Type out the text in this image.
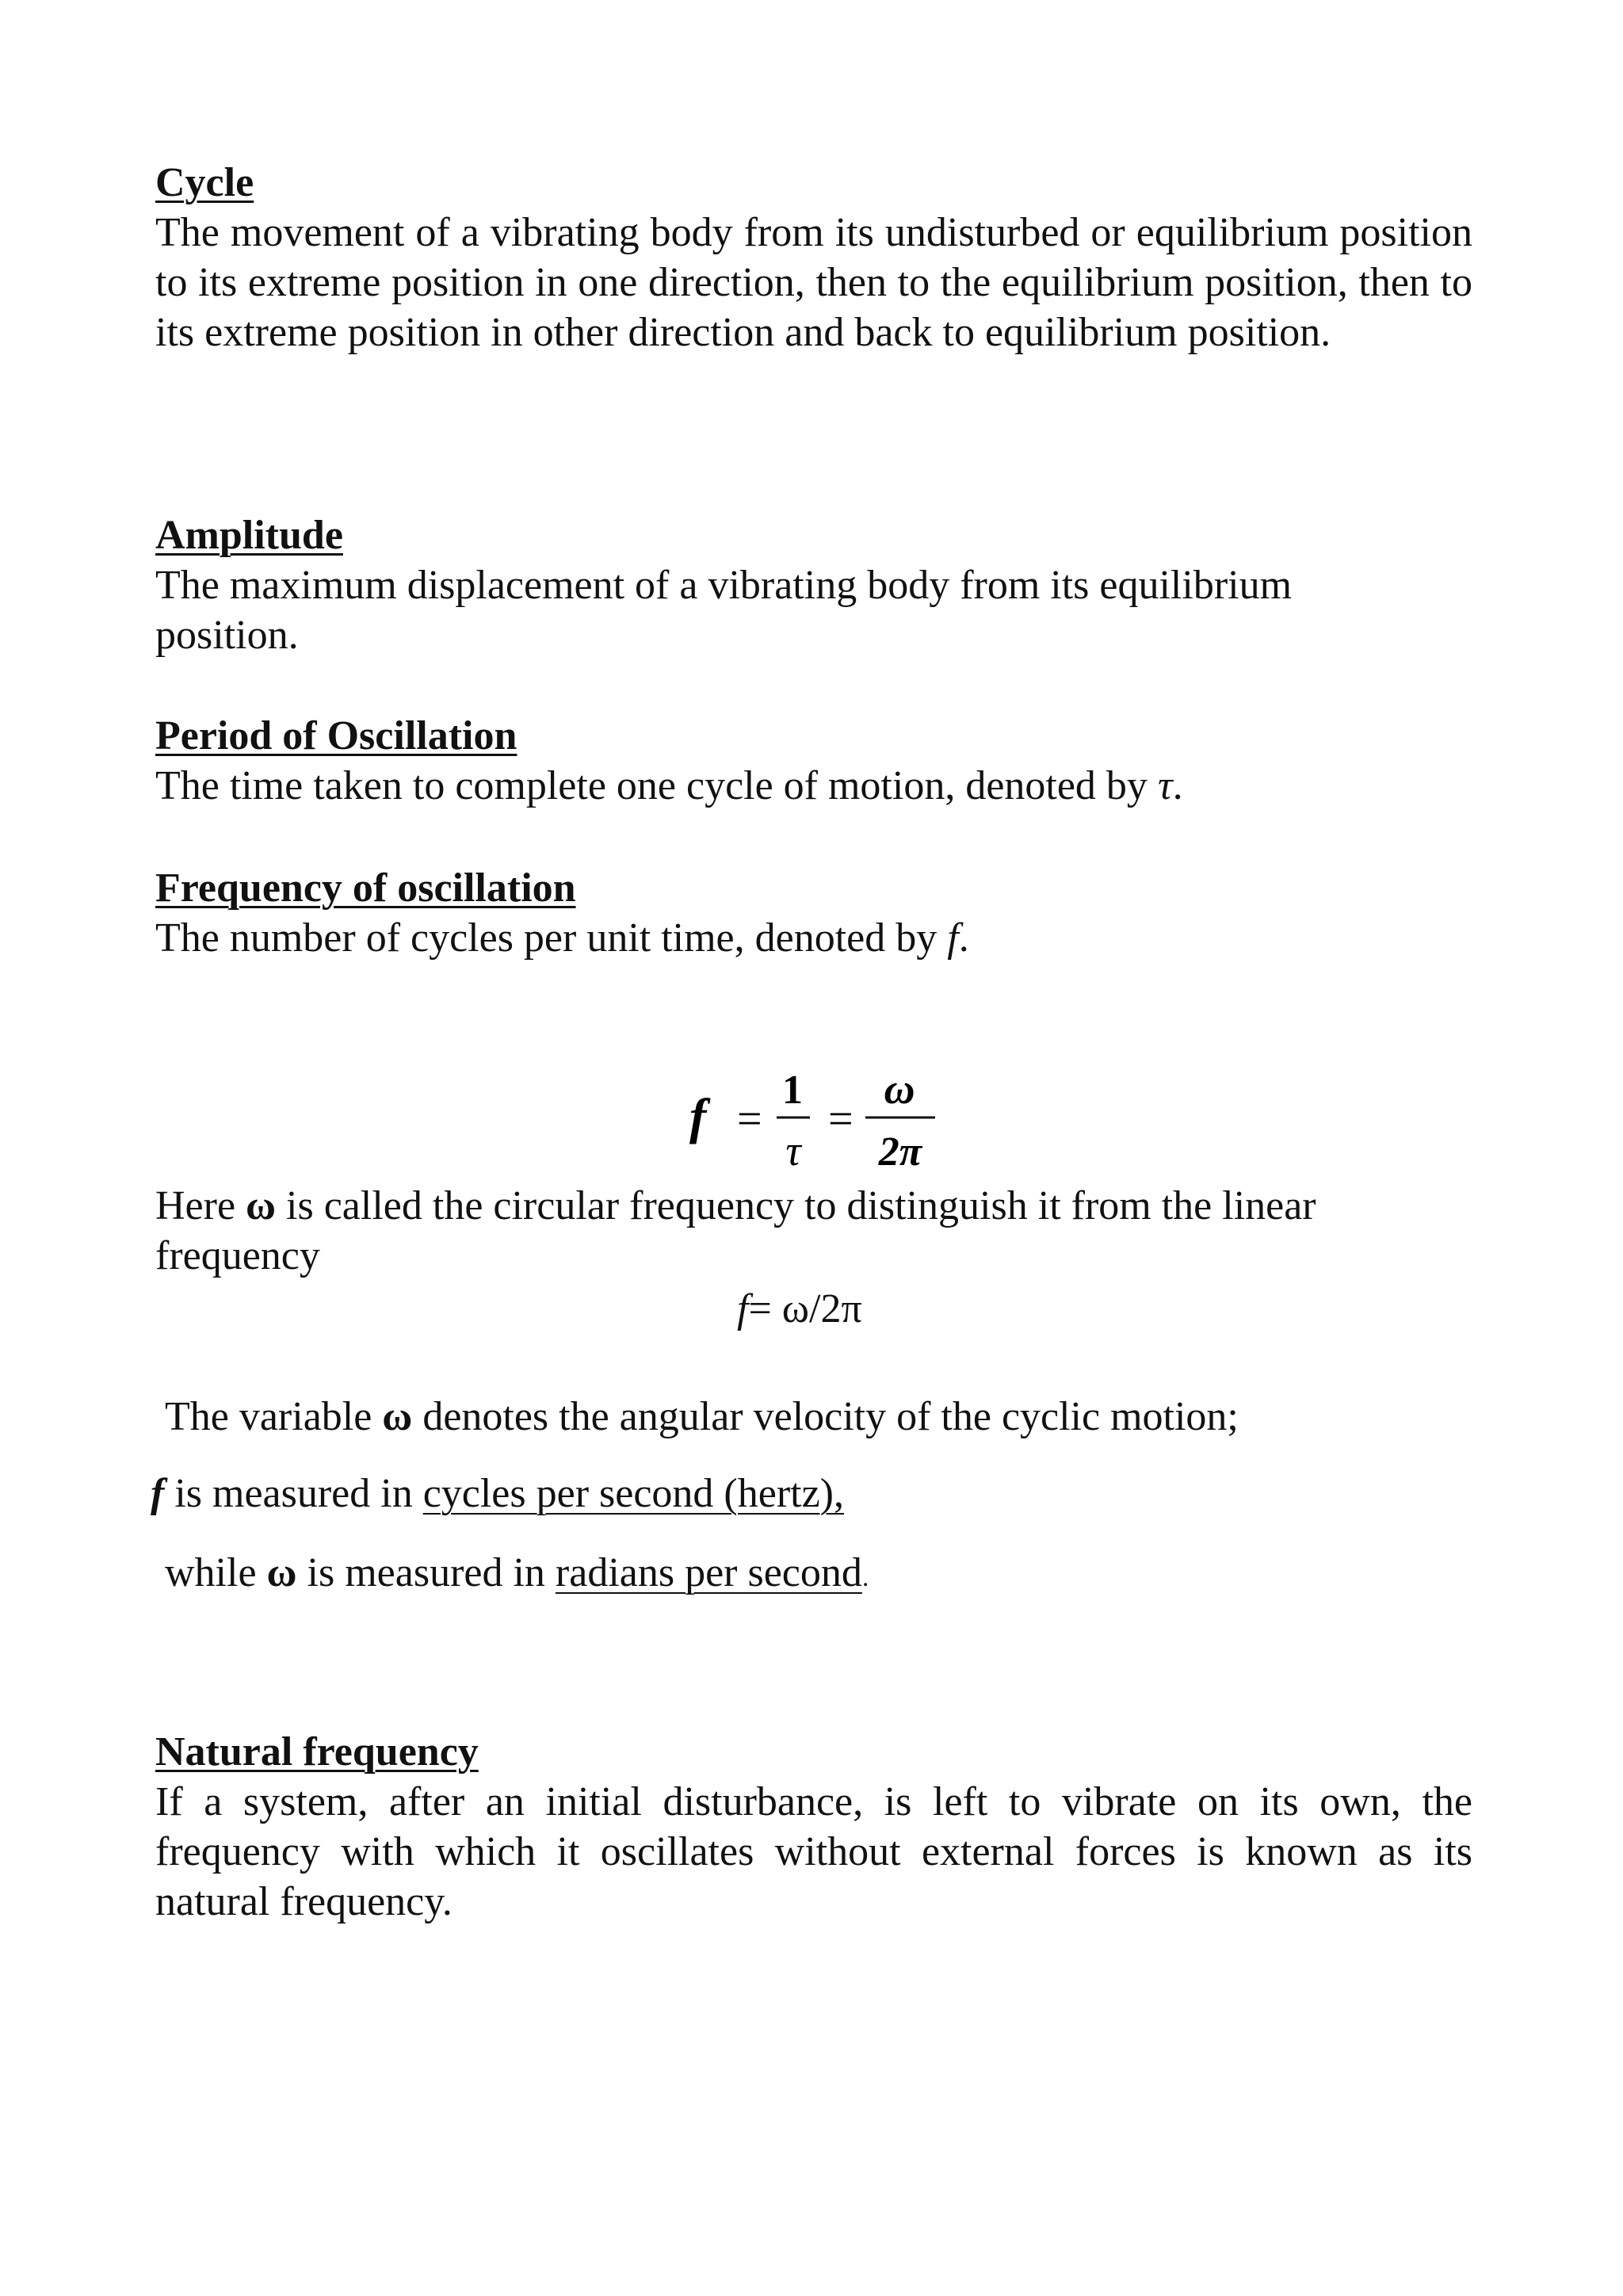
Cycle

The movement of a vibrating body from its undisturbed or equilibrium position to its extreme position in one direction, then to the equilibrium position, then to its extreme position in other direction and back to equilibrium position.

Amplitude

The maximum displacement of a vibrating body from its equilibrium position.

Period of Oscillation

The time taken to complete one cycle of motion, denoted by τ.

Frequency of oscillation

The number of cycles per unit time, denoted by f.

f =
1
τ
=
ω
2π

Here ω is called the circular frequency to distinguish it from the linear

frequency

f= ω/2π

The variable ω denotes the angular velocity of the cyclic motion;

f is measured in cycles per second (hertz),

while ω is measured in radians per second.

Natural frequency

If a system, after an initial disturbance, is left to vibrate on its own, the frequency with which it oscillates without external forces is known as its natural frequency.
